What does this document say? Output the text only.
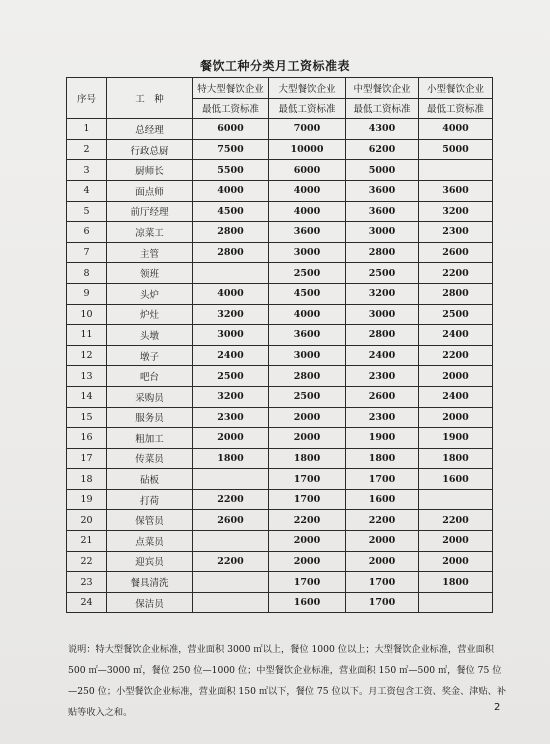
餐饮工种分类月工资标准表
序号	工　种	特大型餐饮企业	大型餐饮企业	中型餐饮企业	小型餐饮企业
		最低工资标准	最低工资标准	最低工资标准	最低工资标准
1	总经理	6000	7000	4300	4000
2	行政总厨	7500	10000	6200	5000
3	厨师长	5500	6000	5000	
4	面点师	4000	4000	3600	3600
5	前厅经理	4500	4000	3600	3200
6	凉菜工	2800	3600	3000	2300
7	主管	2800	3000	2800	2600
8	领班		2500	2500	2200
9	头炉	4000	4500	3200	2800
10	炉灶	3200	4000	3000	2500
11	头墩	3000	3600	2800	2400
12	墩子	2400	3000	2400	2200
13	吧台	2500	2800	2300	2000
14	采购员	3200	2500	2600	2400
15	服务员	2300	2000	2300	2000
16	粗加工	2000	2000	1900	1900
17	传菜员	1800	1800	1800	1800
18	砧板		1700	1700	1600
19	打荷	2200	1700	1600	
20	保管员	2600	2200	2200	2200
21	点菜员		2000	2000	2000
22	迎宾员	2200	2000	2000	2000
23	餐具清洗		1700	1700	1800
24	保洁员		1600	1700	
说明：特大型餐饮企业标准，营业面积 3000 ㎡以上，餐位 1000 位以上；大型餐饮企业标准，营业面积 500 ㎡—3000 ㎡，餐位 250 位—1000 位；中型餐饮企业标准，营业面积 150 ㎡—500 ㎡，餐位 75 位—250 位；小型餐饮企业标准，营业面积 150 ㎡以下，餐位 75 位以下。月工资包含工资、奖金、津贴、补贴等收入之和。	2
